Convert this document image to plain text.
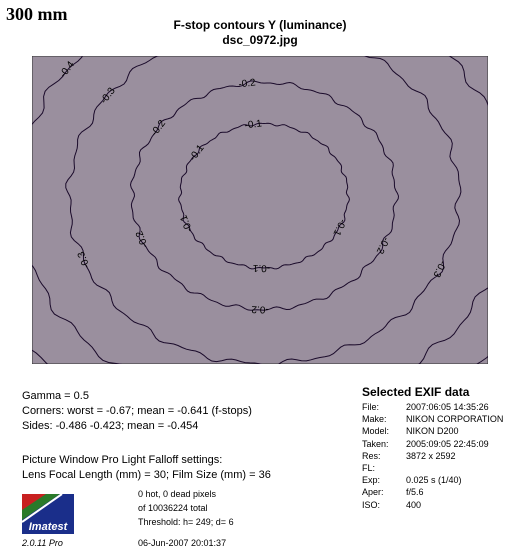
300 mm
F-stop contours Y (luminance)
dsc_0972.jpg
-0.1
-0.1
-0.1
-0.1
-0.1
-0.2
-0.2
-0.2
-0.2
-0.2
-0.3
-0.3
-0.3
-0.4
Gamma = 0.5
Corners: worst = -0.67; mean = -0.641 (f-stops)
Sides: -0.486 -0.423; mean = -0.454
Picture Window Pro Light Falloff settings:
Lens Focal Length (mm) = 30; Film Size (mm) = 36
0 hot, 0 dead pixels
of 10036224 total
Threshold: h= 249; d= 6
Selected EXIF data
File:	2007:06:05 14:35:26
Make: NIKON CORPORATION
Model: NIKON D200
Taken: 2005:09:05 22:45:09
Res:	3872 x 2592
FL:
Exp:	0.025 s (1/40)
Aper: f/5.6
ISO:	400
Imatest
2.0.11 Pro	06-Jun-2007 20:01:37
